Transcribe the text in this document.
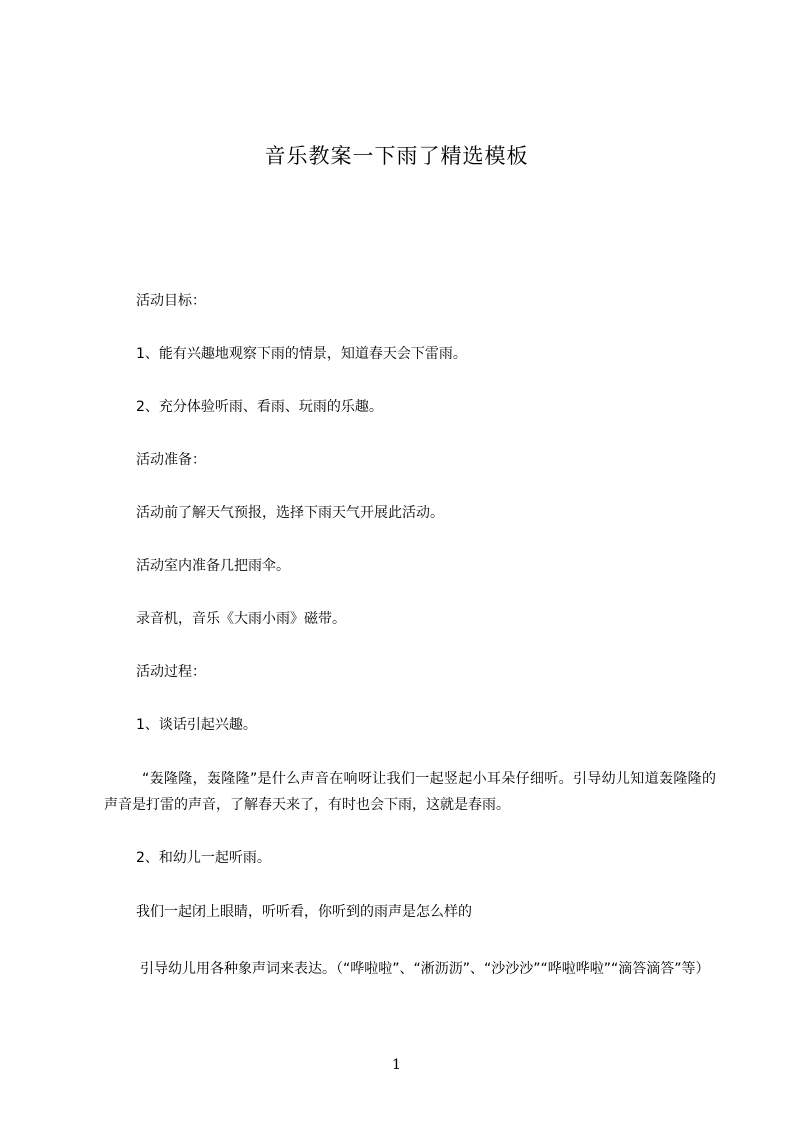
音乐教案一下雨了精选模板

活动目标：

1、能有兴趣地观察下雨的情景，知道春天会下雷雨。

2、充分体验听雨、看雨、玩雨的乐趣。

活动准备：

活动前了解天气预报，选择下雨天气开展此活动。

活动室内准备几把雨伞。

录音机，音乐《大雨小雨》磁带。

活动过程：

1、谈话引起兴趣。

“轰隆隆，轰隆隆”是什么声音在响呀让我们一起竖起小耳朵仔细听。引导幼儿知道轰隆隆的声音是打雷的声音，了解春天来了，有时也会下雨，这就是春雨。

2、和幼儿一起听雨。

我们一起闭上眼睛，听听看，你听到的雨声是怎么样的

引导幼儿用各种象声词来表达。（“哗啦啦”、“淅沥沥”、“沙沙沙”“哗啦哗啦”“滴答滴答”等）

1
